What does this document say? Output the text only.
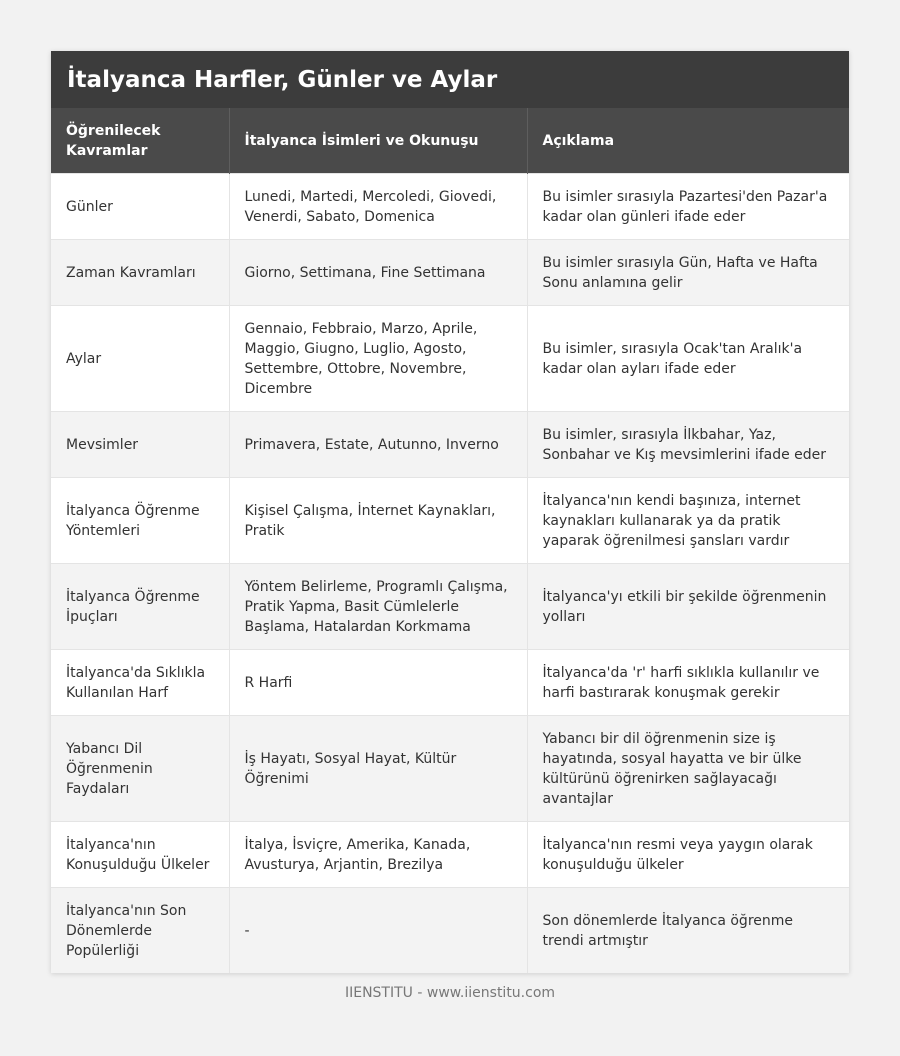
İtalyanca Harfler, Günler ve Aylar
Öğrenilecek Kavramlar	İtalyanca İsimleri ve Okunuşu	Açıklama
Günler	Lunedi, Martedi, Mercoledi, Giovedi, Venerdi, Sabato, Domenica	Bu isimler sırasıyla Pazartesi'den Pazar'a kadar olan günleri ifade eder
Zaman Kavramları	Giorno, Settimana, Fine Settimana	Bu isimler sırasıyla Gün, Hafta ve Hafta Sonu anlamına gelir
Aylar	Gennaio, Febbraio, Marzo, Aprile, Maggio, Giugno, Luglio, Agosto, Settembre, Ottobre, Novembre, Dicembre	Bu isimler, sırasıyla Ocak'tan Aralık'a kadar olan ayları ifade eder
Mevsimler	Primavera, Estate, Autunno, Inverno	Bu isimler, sırasıyla İlkbahar, Yaz, Sonbahar ve Kış mevsimlerini ifade eder
İtalyanca Öğrenme Yöntemleri	Kişisel Çalışma, İnternet Kaynakları, Pratik	İtalyanca'nın kendi başınıza, internet kaynakları kullanarak ya da pratik yaparak öğrenilmesi şansları vardır
İtalyanca Öğrenme İpuçları	Yöntem Belirleme, Programlı Çalışma, Pratik Yapma, Basit Cümlelerle Başlama, Hatalardan Korkmama	İtalyanca'yı etkili bir şekilde öğrenmenin yolları
İtalyanca'da Sıklıkla Kullanılan Harf	R Harfi	İtalyanca'da 'r' harfi sıklıkla kullanılır ve harfi bastırarak konuşmak gerekir
Yabancı Dil Öğrenmenin Faydaları	İş Hayatı, Sosyal Hayat, Kültür Öğrenimi	Yabancı bir dil öğrenmenin size iş hayatında, sosyal hayatta ve bir ülke kültürünü öğrenirken sağlayacağı avantajlar
İtalyanca'nın Konuşulduğu Ülkeler	İtalya, İsviçre, Amerika, Kanada, Avusturya, Arjantin, Brezilya	İtalyanca'nın resmi veya yaygın olarak konuşulduğu ülkeler
İtalyanca'nın Son Dönemlerde Popülerliği	-	Son dönemlerde İtalyanca öğrenme trendi artmıştır
IIENSTITU - www.iienstitu.com
